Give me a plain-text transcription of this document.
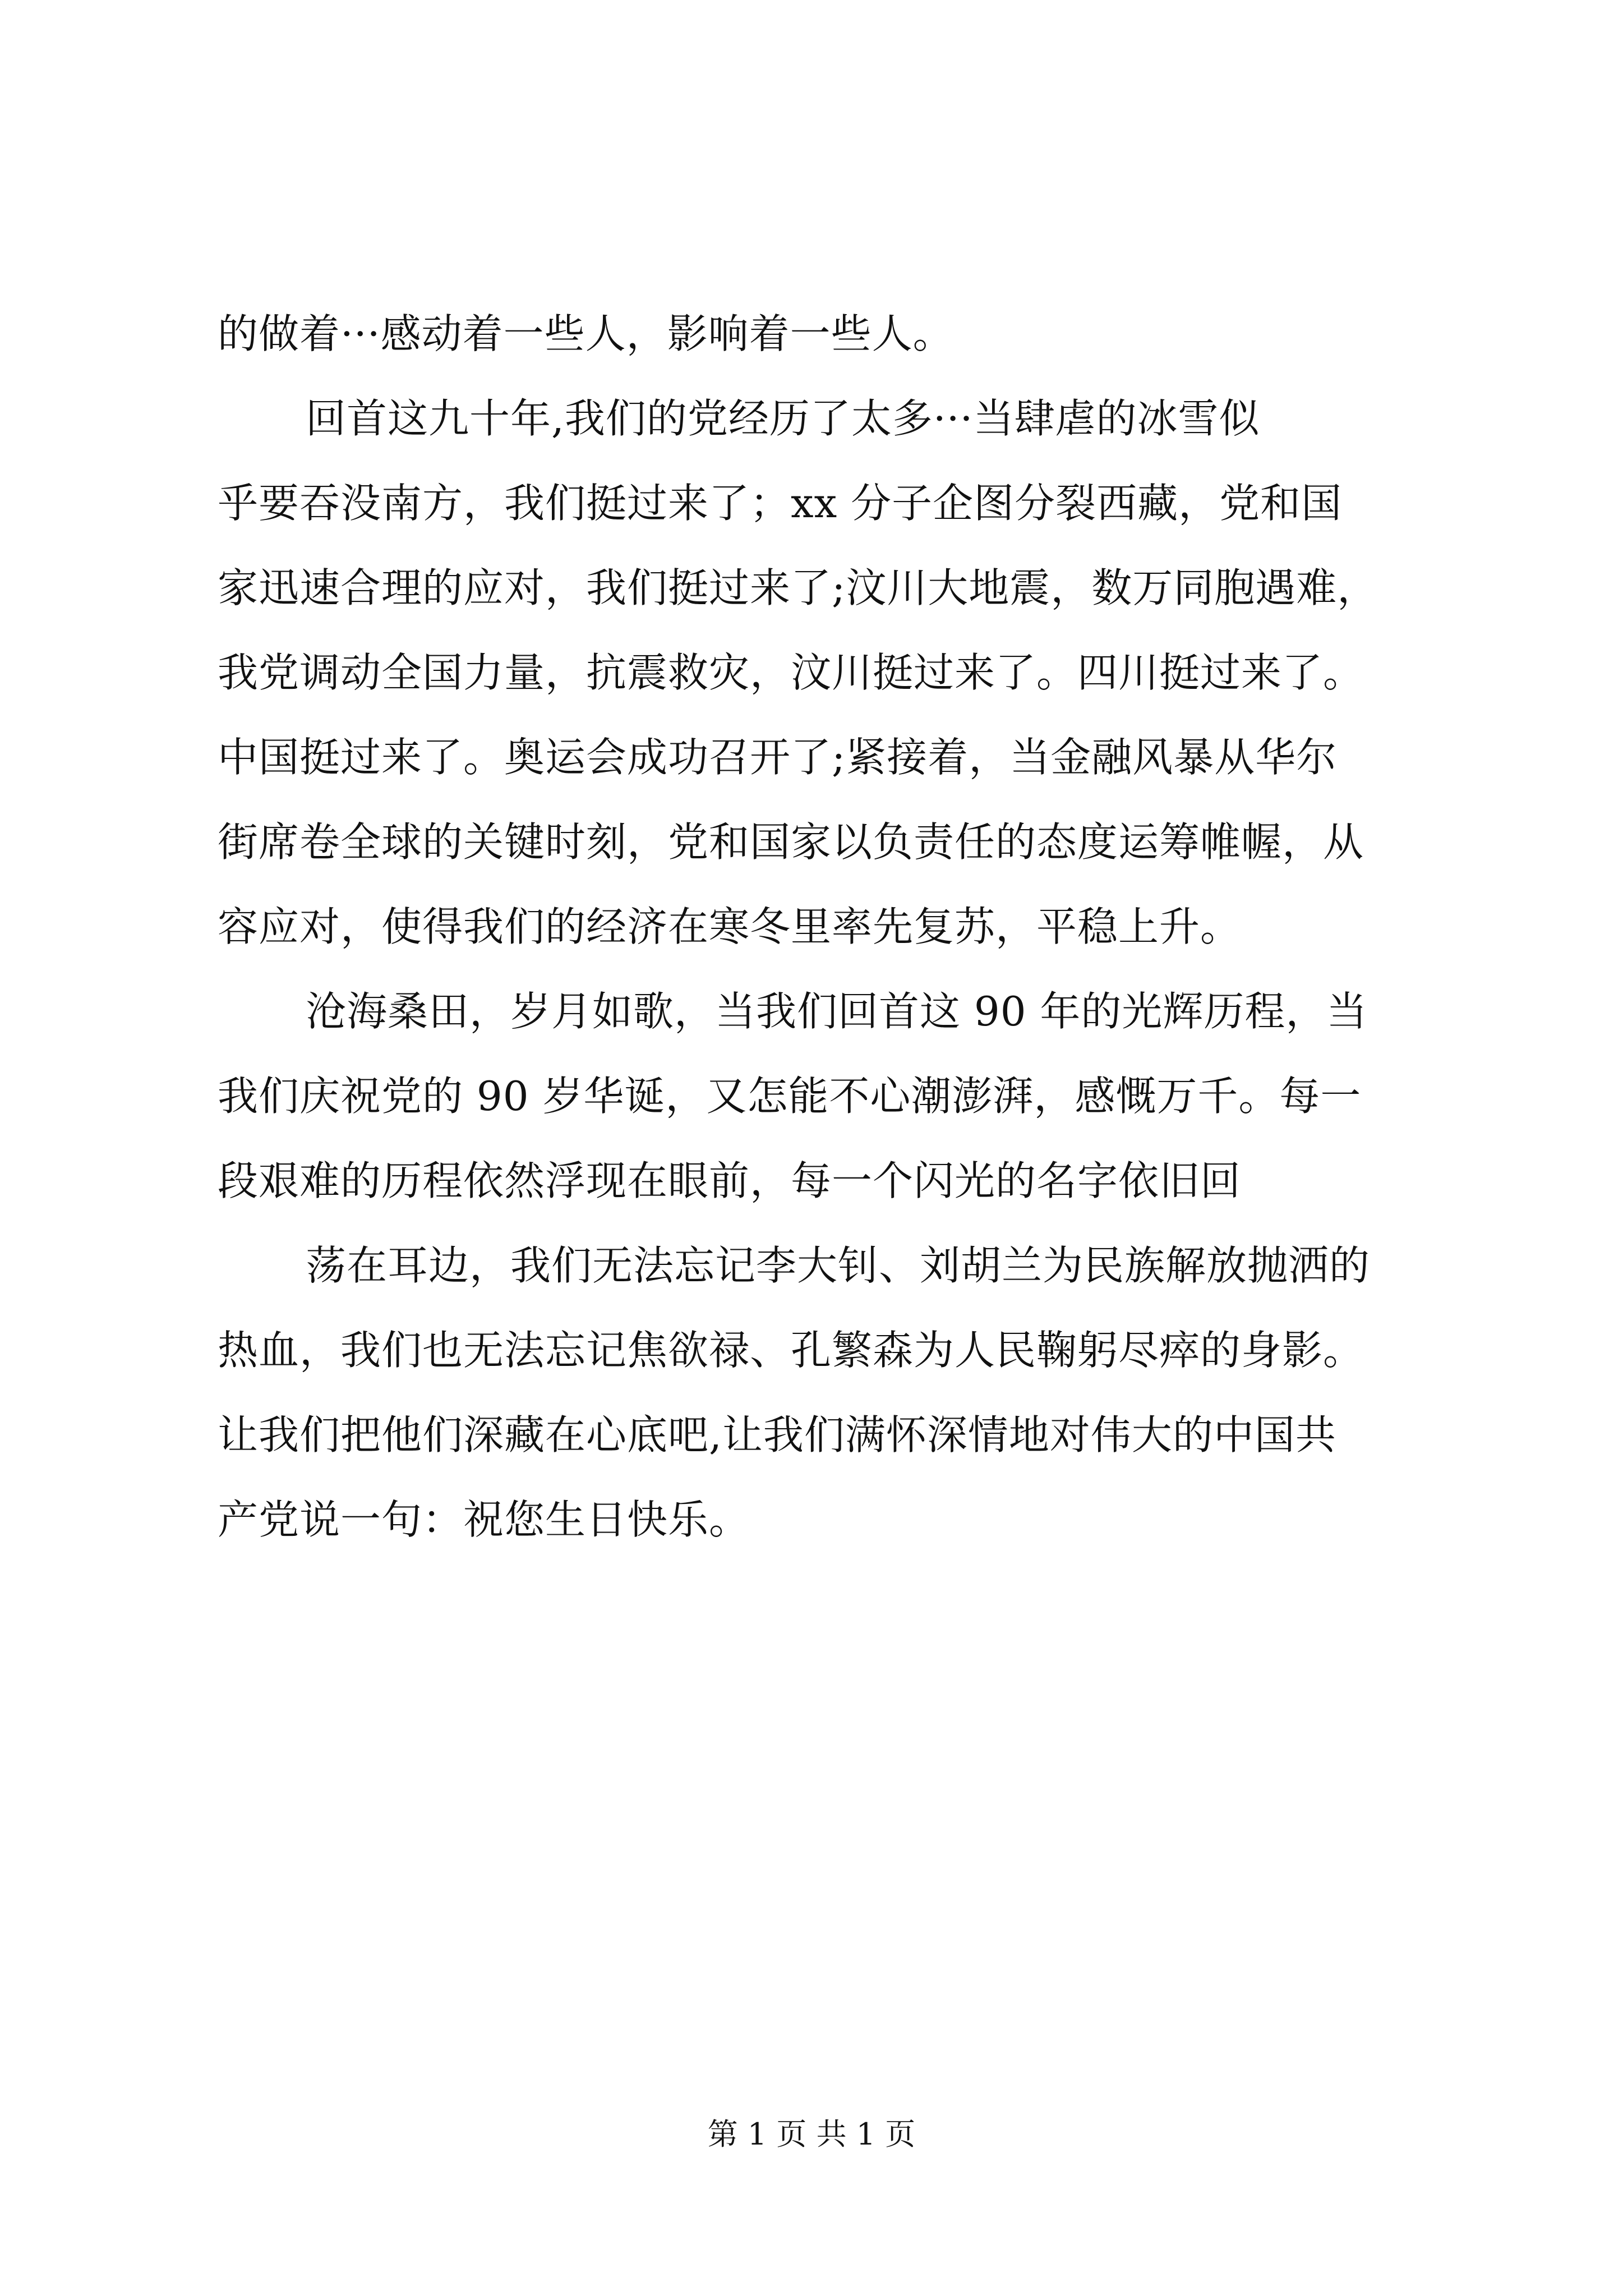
的做着···感动着一些人，影响着一些人。
回首这九十年,我们的党经历了太多···当肆虐的冰雪似
乎要吞没南方，我们挺过来了；xx 分子企图分裂西藏，党和国
家迅速合理的应对，我们挺过来了;汶川大地震，数万同胞遇难，
我党调动全国力量，抗震救灾，汶川挺过来了。四川挺过来了。
中国挺过来了。奥运会成功召开了;紧接着，当金融风暴从华尔
街席卷全球的关键时刻，党和国家以负责任的态度运筹帷幄，从
容应对，使得我们的经济在寒冬里率先复苏，平稳上升。
沧海桑田，岁月如歌，当我们回首这 90 年的光辉历程，当
我们庆祝党的 90 岁华诞，又怎能不心潮澎湃，感慨万千。每一
段艰难的历程依然浮现在眼前，每一个闪光的名字依旧回
荡在耳边，我们无法忘记李大钊、刘胡兰为民族解放抛洒的
热血，我们也无法忘记焦欲禄、孔繁森为人民鞠躬尽瘁的身影。
让我们把他们深藏在心底吧,让我们满怀深情地对伟大的中国共
产党说一句：祝您生日快乐。
第 1 页 共 1 页
